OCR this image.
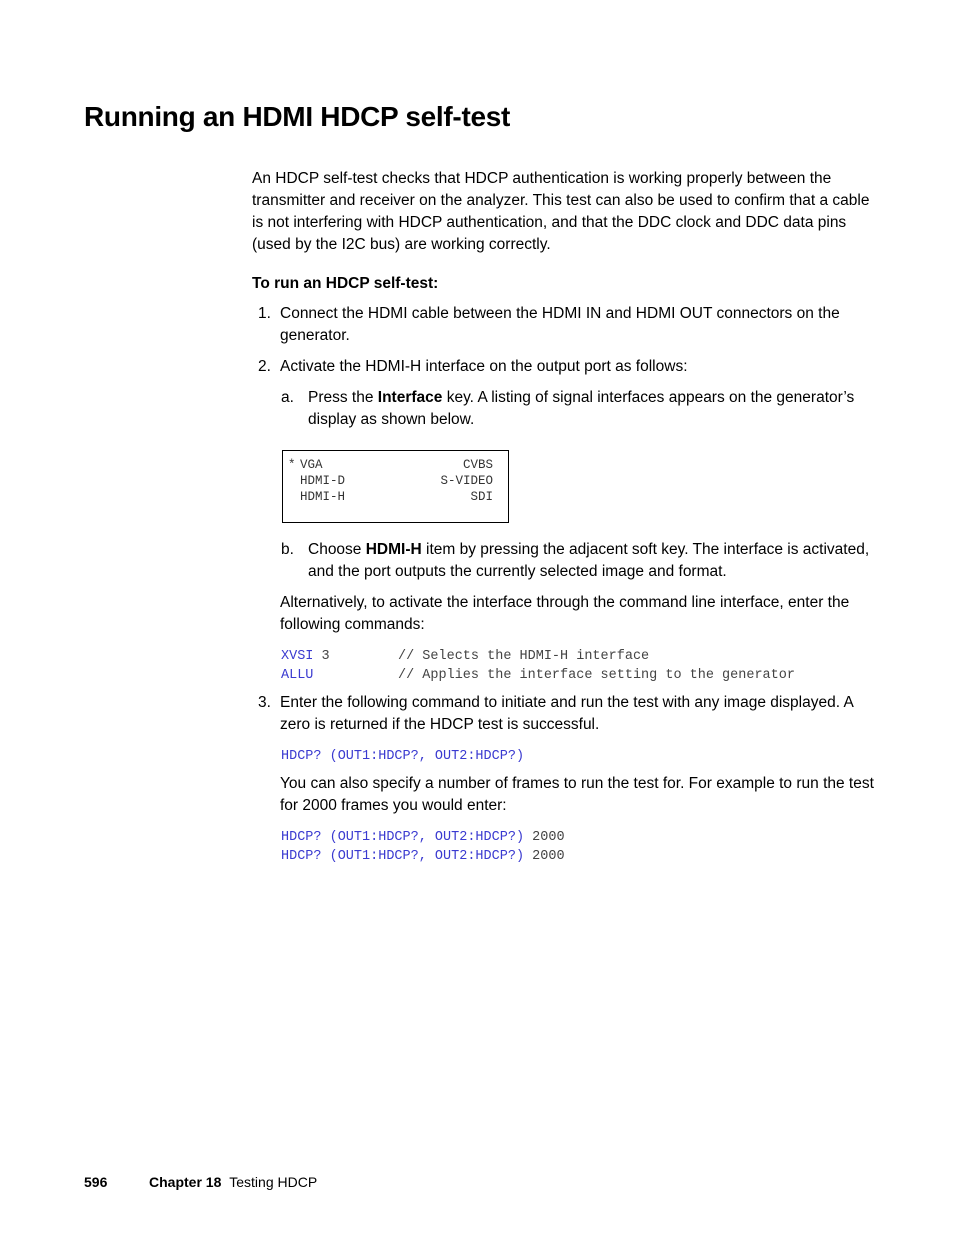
Running an HDMI HDCP self-test
An HDCP self-test checks that HDCP authentication is working properly between the
transmitter and receiver on the analyzer. This test can also be used to confirm that a cable
is not interfering with HDCP authentication, and that the DDC clock and DDC data pins
(used by the I2C bus) are working correctly.
To run an HDCP self-test:
1. Connect the HDMI cable between the HDMI IN and HDMI OUT connectors on the
generator.
2. Activate the HDMI-H interface on the output port as follows:
a. Press the Interface key. A listing of signal interfaces appears on the generator’s
display as shown below.
* VGA	CVBS
HDMI-D	S-VIDEO
HDMI-H	SDI
b. Choose HDMI-H item by pressing the adjacent soft key. The interface is activated,
and the port outputs the currently selected image and format.
Alternatively, to activate the interface through the command line interface, enter the
following commands:
XVSI 3	// Selects the HDMI-H interface
ALLU	// Applies the interface setting to the generator
3. Enter the following command to initiate and run the test with any image displayed. A
zero is returned if the HDCP test is successful.
HDCP? (OUT1:HDCP?, OUT2:HDCP?)
You can also specify a number of frames to run the test for. For example to run the test
for 2000 frames you would enter:
HDCP? (OUT1:HDCP?, OUT2:HDCP?) 2000
HDCP? (OUT1:HDCP?, OUT2:HDCP?) 2000
596	Chapter 18 Testing HDCP
